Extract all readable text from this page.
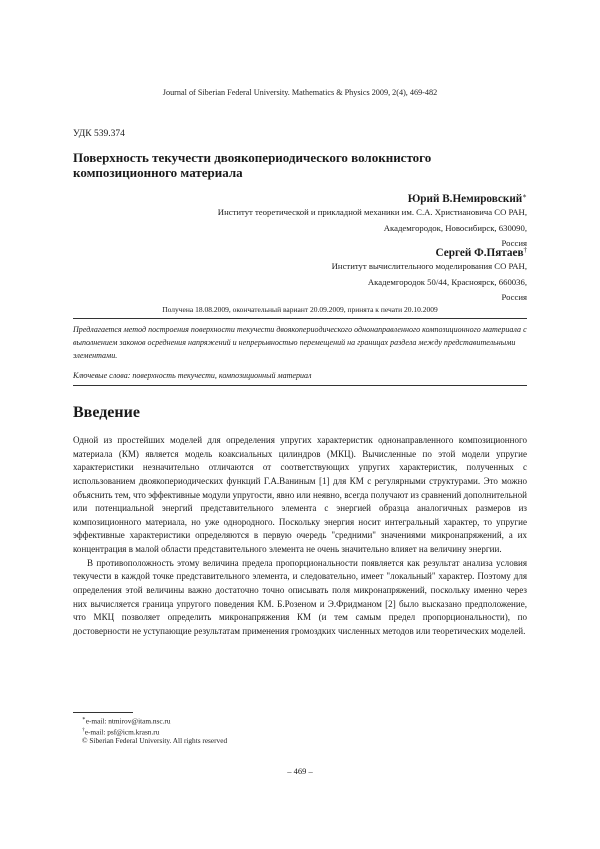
Journal of Siberian Federal University. Mathematics & Physics 2009, 2(4), 469-482
УДК 539.374
Поверхность текучести двоякопериодического волокнистого композиционного материала
Юрий В.Немировский∗
Институт теоретической и прикладной механики им. С.А. Христиановича СО РАН,
Академгородок, Новосибирск, 630090,
Россия
Сергей Ф.Пятаев†
Институт вычислительного моделирования СО РАН,
Академгородок 50/44, Красноярск, 660036,
Россия
Получена 18.08.2009, окончательный вариант 20.09.2009, принята к печати 20.10.2009
Предлагается метод построения поверхности текучести двоякопериодического однонаправленного композиционного материала с выполнением законов осреднения напряжений и непрерывностью перемещений на границах раздела между представительными элементами.
Ключевые слова: поверхность текучести, композиционный материал
Введение

Одной из простейших моделей для определения упругих характеристик однонаправленного композиционного материала (КМ) является модель коаксиальных цилиндров (МКЦ). Вычисленные по этой модели упругие характеристики незначительно отличаются от соответствующих упругих характеристик, полученных с использованием двоякопериодических функций Г.А.Ваниным [1] для КМ с регулярными структурами. Это можно объяснить тем, что эффективные модули упругости, явно или неявно, всегда получают из сравнений дополнительной или потенциальной энергий представительного элемента с энергией образца аналогичных размеров из композиционного материала, но уже однородного. Поскольку энергия носит интегральный характер, то упругие эффективные характеристики определяются в первую очередь "средними" значениями микронапряжений, а их концентрация в малой области представительного элемента не очень значительно влияет на величину энергии.

В противоположность этому величина предела пропорциональности появляется как результат анализа условия текучести в каждой точке представительного элемента, и следовательно, имеет "локальный" характер. Поэтому для определения этой величины важно достаточно точно описывать поля микронапряжений, поскольку именно через них вычисляется граница упругого поведения КМ. Б.Розеном и Э.Фридманом [2] было высказано предположение, что МКЦ позволяет определить микронапряжения КМ (и тем самым предел пропорциональности), по достоверности не уступающие результатам применения громоздких численных методов или теоретических моделей.

∗e-mail: ntmirov@itam.nsc.ru
†e-mail: psf@icm.krasn.ru
© Siberian Federal University. All rights reserved
– 469 –
